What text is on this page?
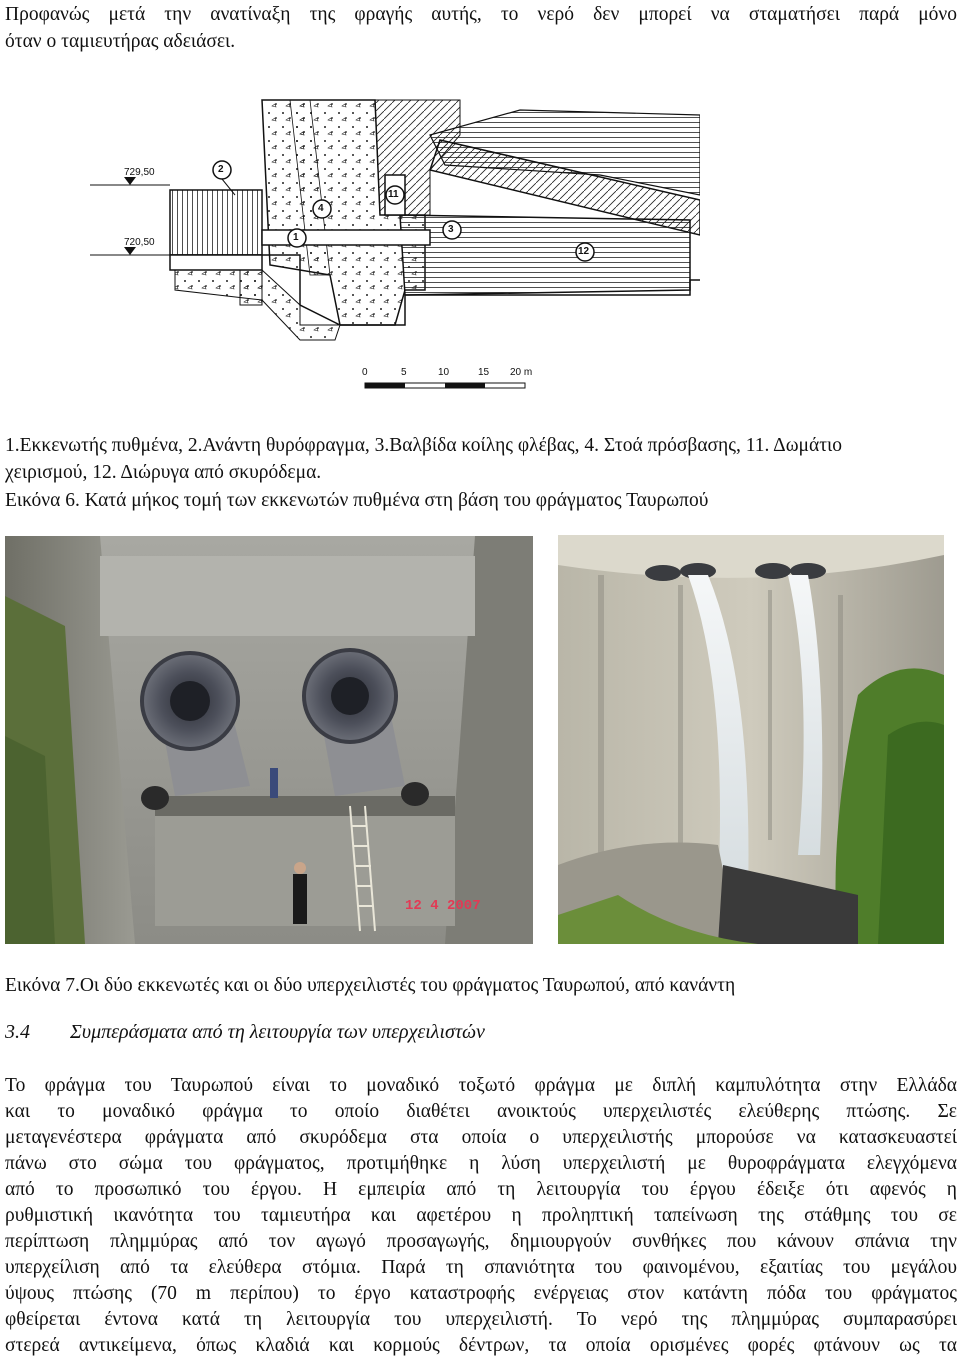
Προφανώς μετά την ανατίναξη της φραγής αυτής, το νερό δεν μπορεί να σταματήσει παρά μόνο
όταν ο ταμιευτήρας αδειάσει.
729,50
720,50
2
1
4
11
3
12
0	5	10	15 20 m
1.Εκκενωτής πυθμένα, 2.Ανάντη θυρόφραγμα, 3.Βαλβίδα κοίλης φλέβας, 4. Στοά πρόσβασης, 11. Δωμάτιο
χειρισμού, 12. Διώρυγα από σκυρόδεμα.
Εικόνα 6. Κατά μήκος τομή των εκκενωτών πυθμένα στη βάση του φράγματος Ταυρωπού
12 4 2007
Εικόνα 7.Οι δύο εκκενωτές και οι δύο υπερχειλιστές του φράγματος Ταυρωπού, από κανάντη
3.4 Συμπεράσματα από τη λειτουργία των υπερχειλιστών
Το φράγμα του Ταυρωπού είναι το μοναδικό τοξωτό φράγμα με διπλή καμπυλότητα στην Ελλάδα
και το μοναδικό φράγμα το οποίο διαθέτει ανοικτούς υπερχειλιστές ελεύθερης πτώσης. Σε
μεταγενέστερα φράγματα από σκυρόδεμα στα οποία ο υπερχειλιστής μπορούσε να κατασκευαστεί
πάνω στο σώμα του φράγματος, προτιμήθηκε η λύση υπερχειλιστή με θυροφράγματα ελεγχόμενα
από το προσωπικό του έργου. Η εμπειρία από τη λειτουργία του έργου έδειξε ότι αφενός η
ρυθμιστική ικανότητα του ταμιευτήρα και αφετέρου η προληπτική ταπείνωση της στάθμης του σε
περίπτωση πλημμύρας από τον αγωγό προσαγωγής, δημιουργούν συνθήκες που κάνουν σπάνια την
υπερχείλιση από τα ελεύθερα στόμια. Παρά τη σπανιότητα του φαινομένου, εξαιτίας του μεγάλου
ύψους πτώσης (70 m περίπου) το έργο καταστροφής ενέργειας στον κατάντη πόδα του φράγματος
φθείρεται έντονα κατά τη λειτουργία του υπερχειλιστή. Το νερό της πλημμύρας συμπαρασύρει
στερεά αντικείμενα, όπως κλαδιά και κορμούς δέντρων, τα οποία ορισμένες φορές φτάνουν ως τα
